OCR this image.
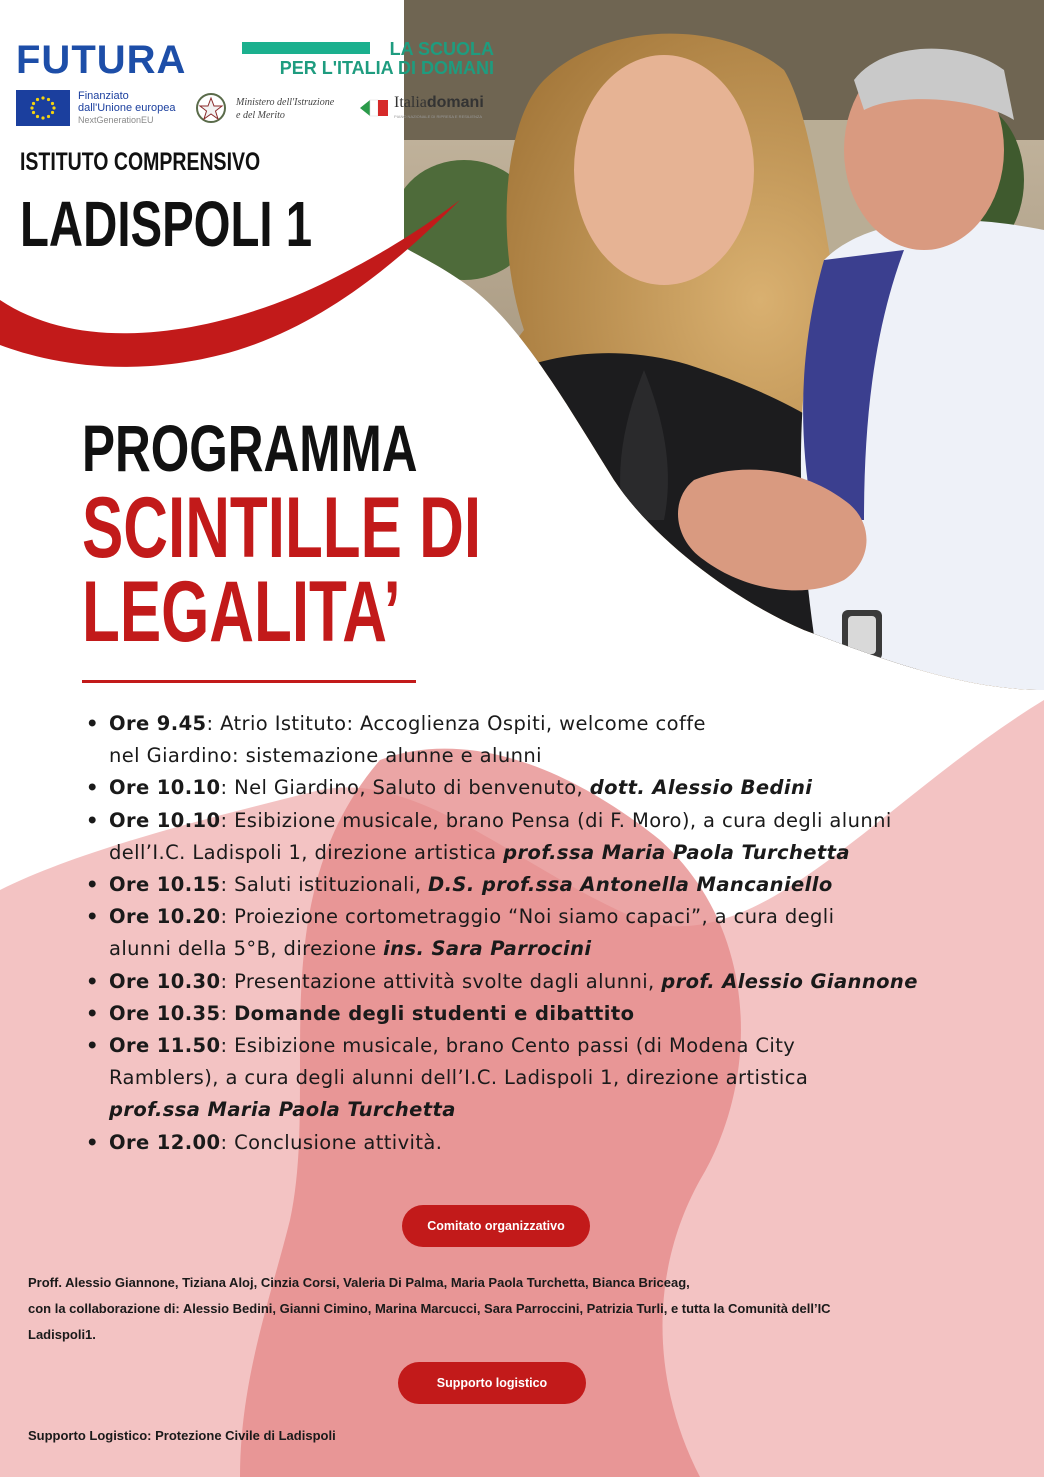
FUTURA	LA SCUOLA
PER L'ITALIA DI DOMANI
Finanziato
dall'Unione europea
NextGenerationEU
Ministero dell'Istruzione
e del Merito
Italiadomani
PIANO NAZIONALE DI RIPRESA E RESILIENZA
ISTITUTO COMPRENSIVO
LADISPOLI 1
PROGRAMMA
SCINTILLE DI
LEGALITA’
• Ore 9.45: Atrio Istituto: Accoglienza Ospiti, welcome coffe
nel Giardino: sistemazione alunne e alunni
• Ore 10.10: Nel Giardino, Saluto di benvenuto, dott. Alessio Bedini
• Ore 10.10: Esibizione musicale, brano Pensa (di F. Moro), a cura degli alunni
dell’I.C. Ladispoli 1, direzione artistica prof.ssa Maria Paola Turchetta
• Ore 10.15: Saluti istituzionali, D.S. prof.ssa Antonella Mancaniello
• Ore 10.20: Proiezione cortometraggio “Noi siamo capaci”, a cura degli
alunni della 5°B, direzione ins. Sara Parrocini
• Ore 10.30: Presentazione attività svolte dagli alunni, prof. Alessio Giannone
• Ore 10.35: Domande degli studenti e dibattito
• Ore 11.50: Esibizione musicale, brano Cento passi (di Modena City
Ramblers), a cura degli alunni dell’I.C. Ladispoli 1, direzione artistica
prof.ssa Maria Paola Turchetta
• Ore 12.00: Conclusione attività.
Comitato organizzativo
Proff. Alessio Giannone, Tiziana Aloj, Cinzia Corsi, Valeria Di Palma, Maria Paola Turchetta, Bianca Briceag,
con la collaborazione di: Alessio Bedini, Gianni Cimino, Marina Marcucci, Sara Parroccini, Patrizia Turli, e tutta la Comunità dell’IC
Ladispoli1.
Supporto logistico
Supporto Logistico: Protezione Civile di Ladispoli
